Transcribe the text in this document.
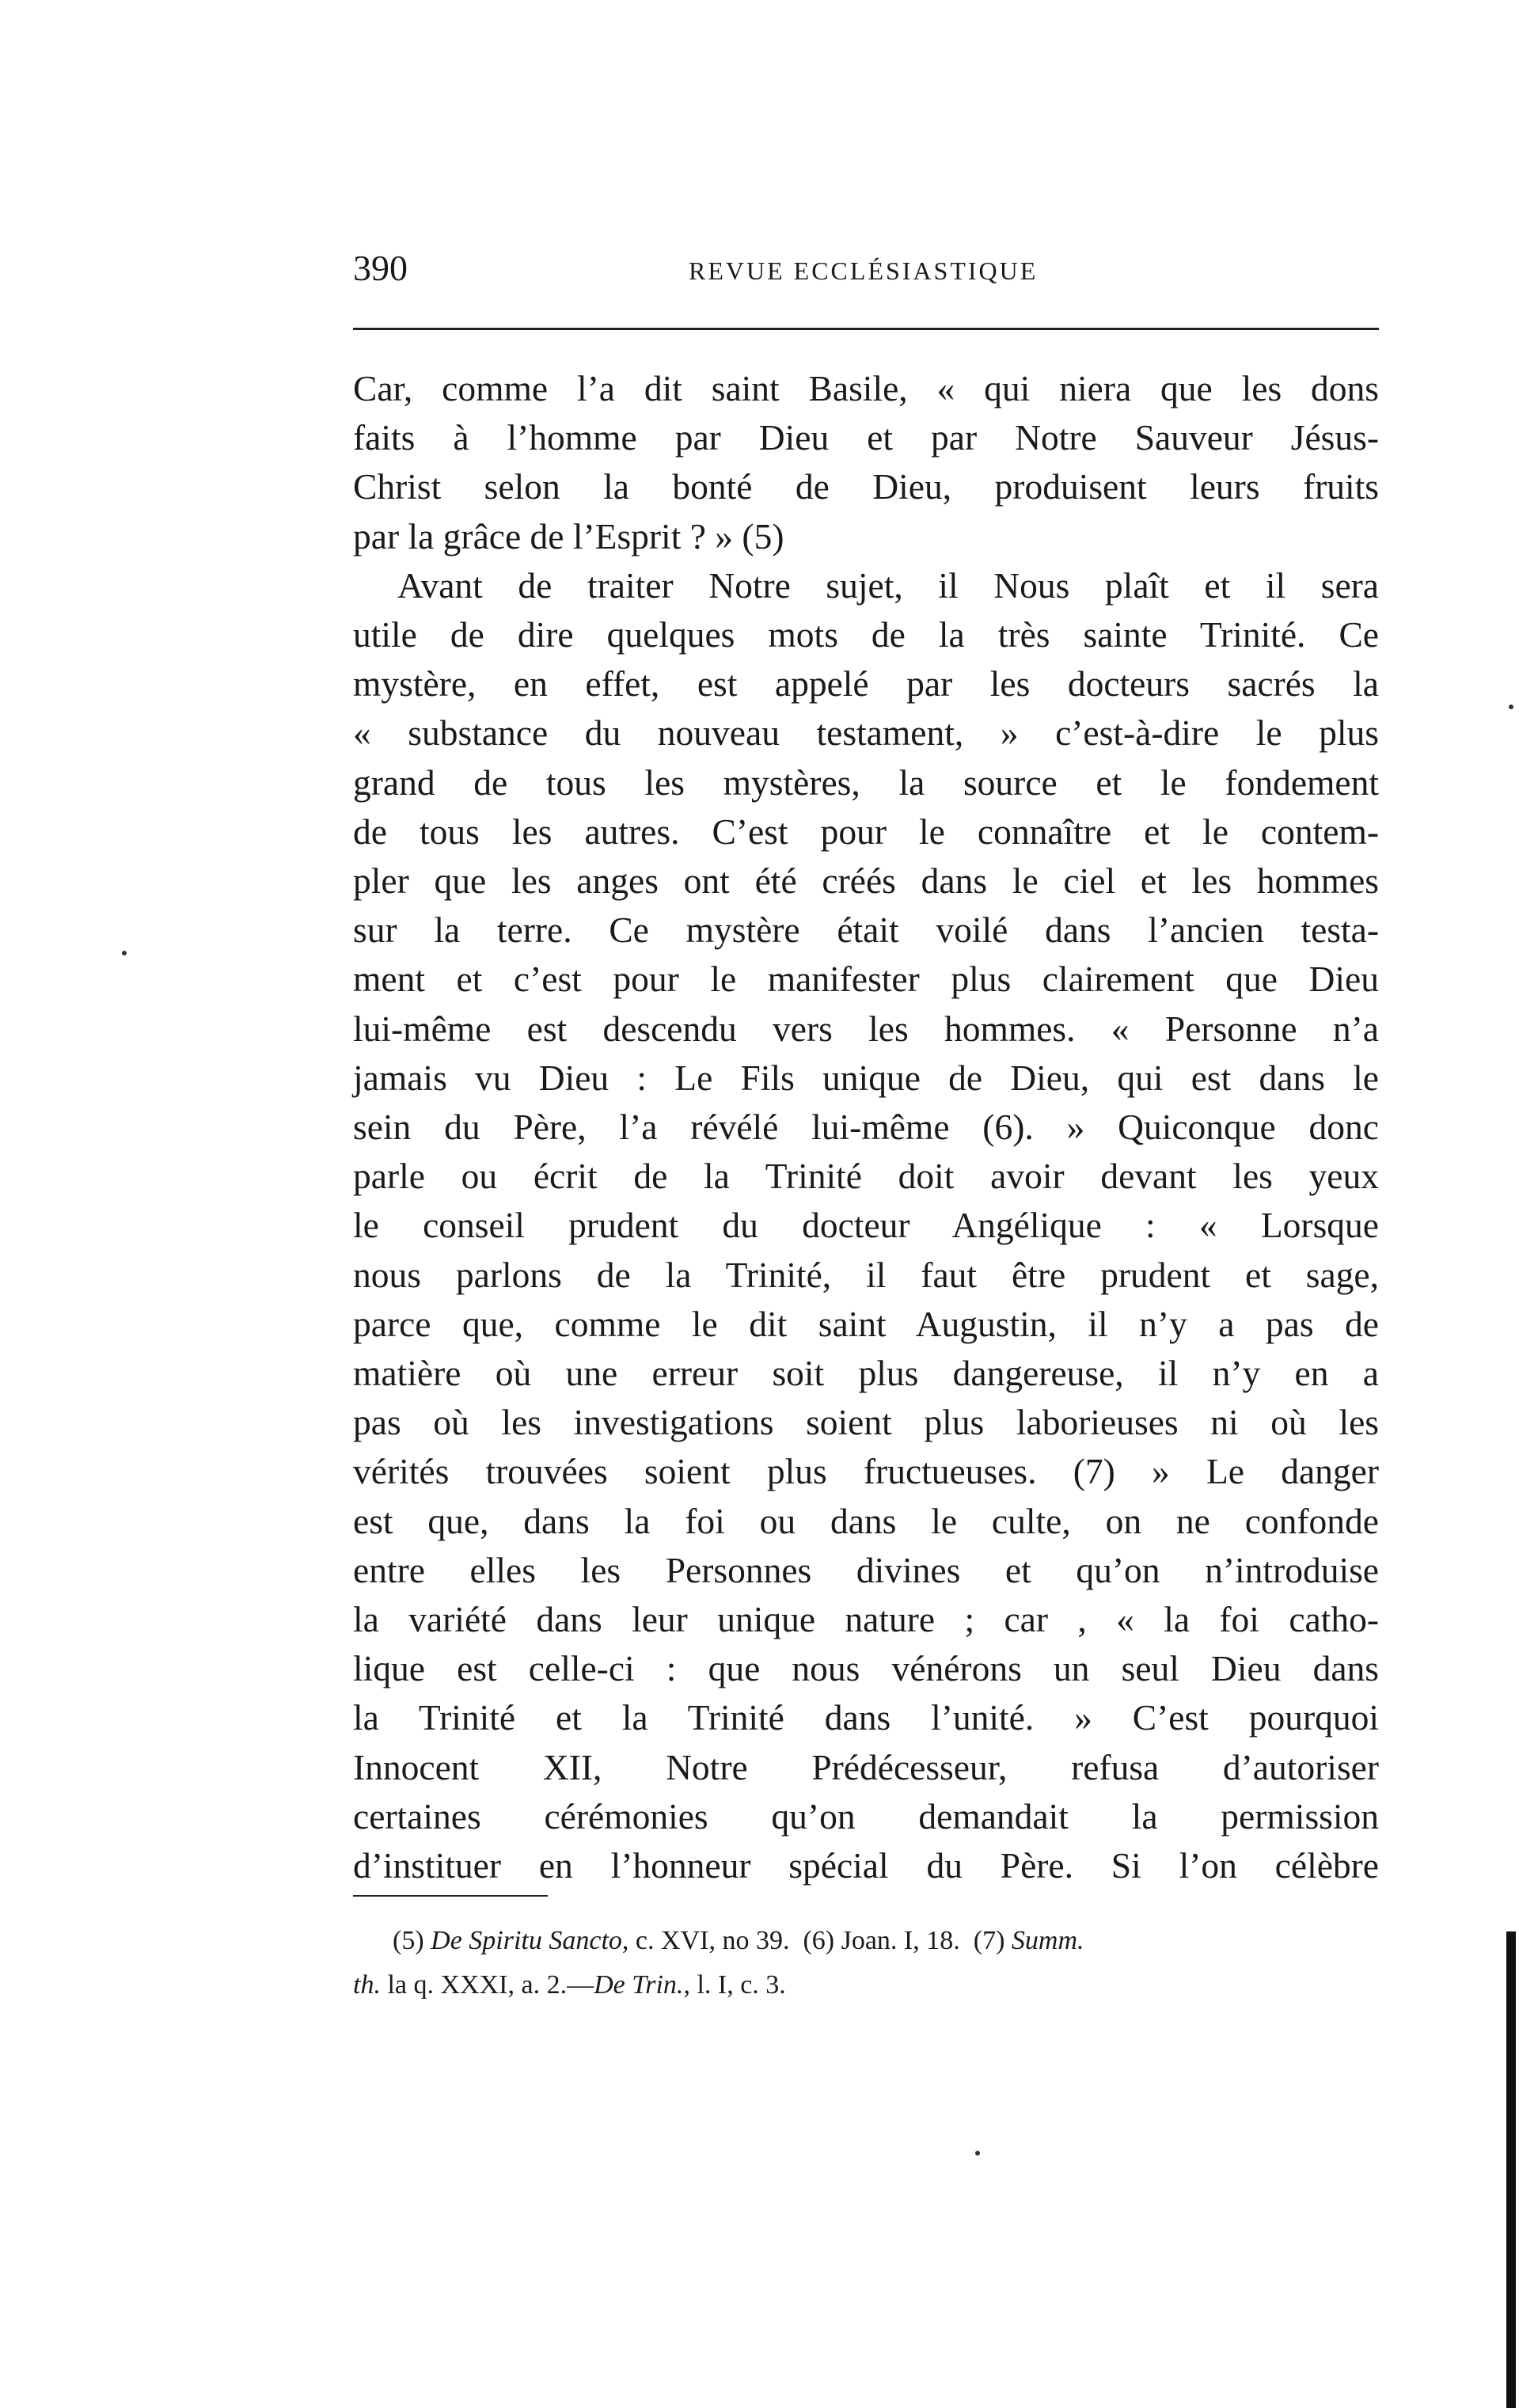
390	REVUE ECCLÉSIASTIQUE
Car, comme l’a dit saint Basile, « qui niera que les dons
faits à l’homme par Dieu et par Notre Sauveur Jésus-
Christ selon la bonté de Dieu, produisent leurs fruits
par la grâce de l’Esprit ? » (5)
Avant de traiter Notre sujet, il Nous plaît et il sera
utile de dire quelques mots de la très sainte Trinité. Ce
mystère, en effet, est appelé par les docteurs sacrés la
« substance du nouveau testament, » c’est-à-dire le plus
grand de tous les mystères, la source et le fondement
de tous les autres. C’est pour le connaître et le contem-
pler que les anges ont été créés dans le ciel et les hommes
sur la terre. Ce mystère était voilé dans l’ancien testa-
ment et c’est pour le manifester plus clairement que Dieu
lui-même est descendu vers les hommes. « Personne n’a
jamais vu Dieu : Le Fils unique de Dieu, qui est dans le
sein du Père, l’a révélé lui-même (6). » Quiconque donc
parle ou écrit de la Trinité doit avoir devant les yeux
le conseil prudent du docteur Angélique : « Lorsque
nous parlons de la Trinité, il faut être prudent et sage,
parce que, comme le dit saint Augustin, il n’y a pas de
matière où une erreur soit plus dangereuse, il n’y en a
pas où les investigations soient plus laborieuses ni où les
vérités trouvées soient plus fructueuses. (7) » Le danger
est que, dans la foi ou dans le culte, on ne confonde
entre elles les Personnes divines et qu’on n’introduise
la variété dans leur unique nature ; car , « la foi catho-
lique est celle-ci : que nous vénérons un seul Dieu dans
la Trinité et la Trinité dans l’unité. » C’est pourquoi
Innocent XII, Notre Prédécesseur, refusa d’autoriser
certaines cérémonies qu’on demandait la permission
d’instituer en l’honneur spécial du Père. Si l’on célèbre
(5) De Spiritu Sancto, c. XVI, no 39. (6) Joan. I, 18. (7) Summ.
th. la q. XXXI, a. 2.—De Trin., l. I, c. 3.
